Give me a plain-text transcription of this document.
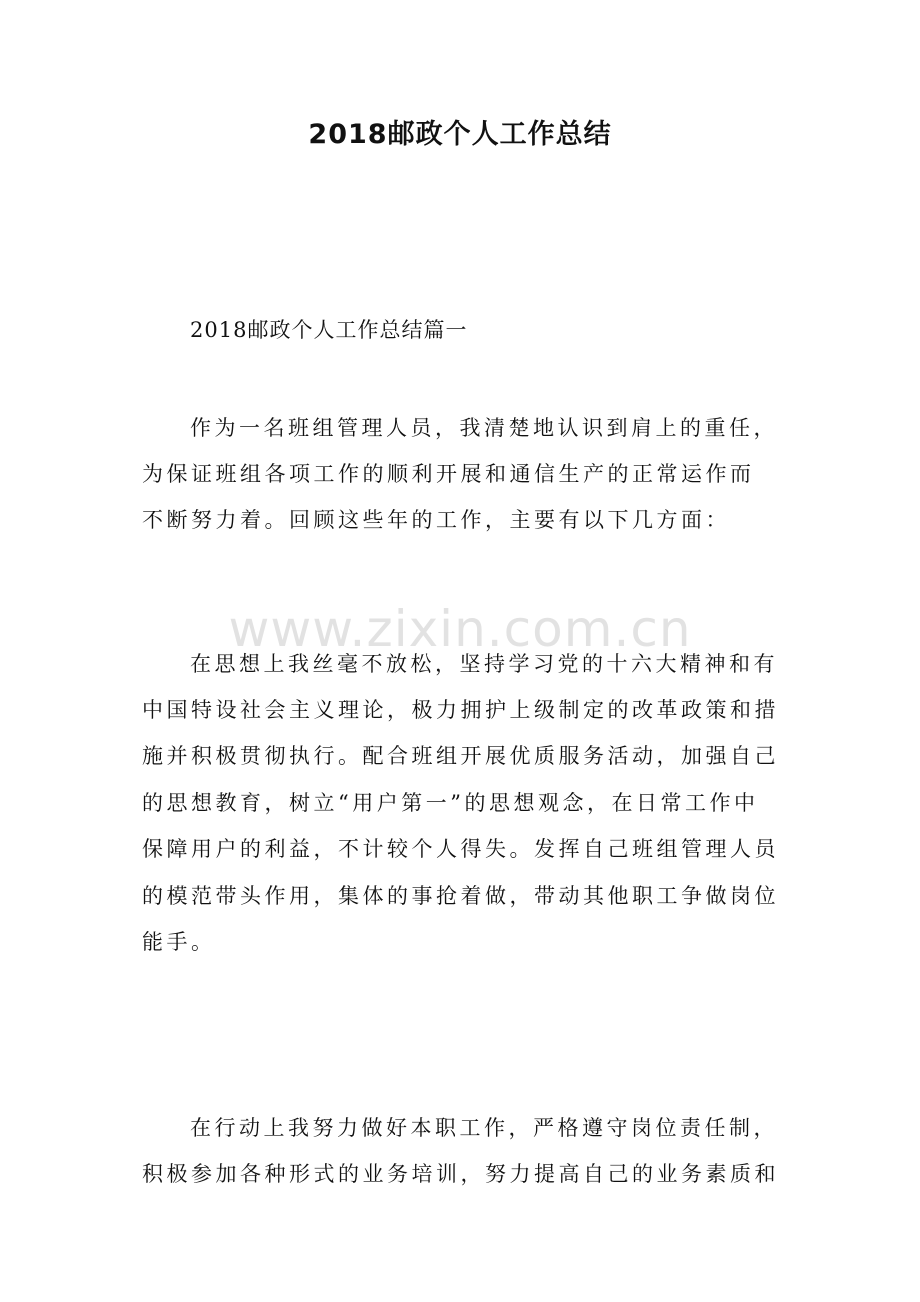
2018邮政个人工作总结

2018邮政个人工作总结篇一

作为一名班组管理人员，我清楚地认识到肩上的重任，

为保证班组各项工作的顺利开展和通信生产的正常运作而

不断努力着。回顾这些年的工作，主要有以下几方面：

www.zixin.com.cn

在思想上我丝毫不放松，坚持学习党的十六大精神和有

中国特设社会主义理论，极力拥护上级制定的改革政策和措

施并积极贯彻执行。配合班组开展优质服务活动，加强自己

的思想教育，树立“用户第一”的思想观念，在日常工作中

保障用户的利益，不计较个人得失。发挥自己班组管理人员

的模范带头作用，集体的事抢着做，带动其他职工争做岗位

能手。

在行动上我努力做好本职工作，严格遵守岗位责任制，

积极参加各种形式的业务培训，努力提高自己的业务素质和
